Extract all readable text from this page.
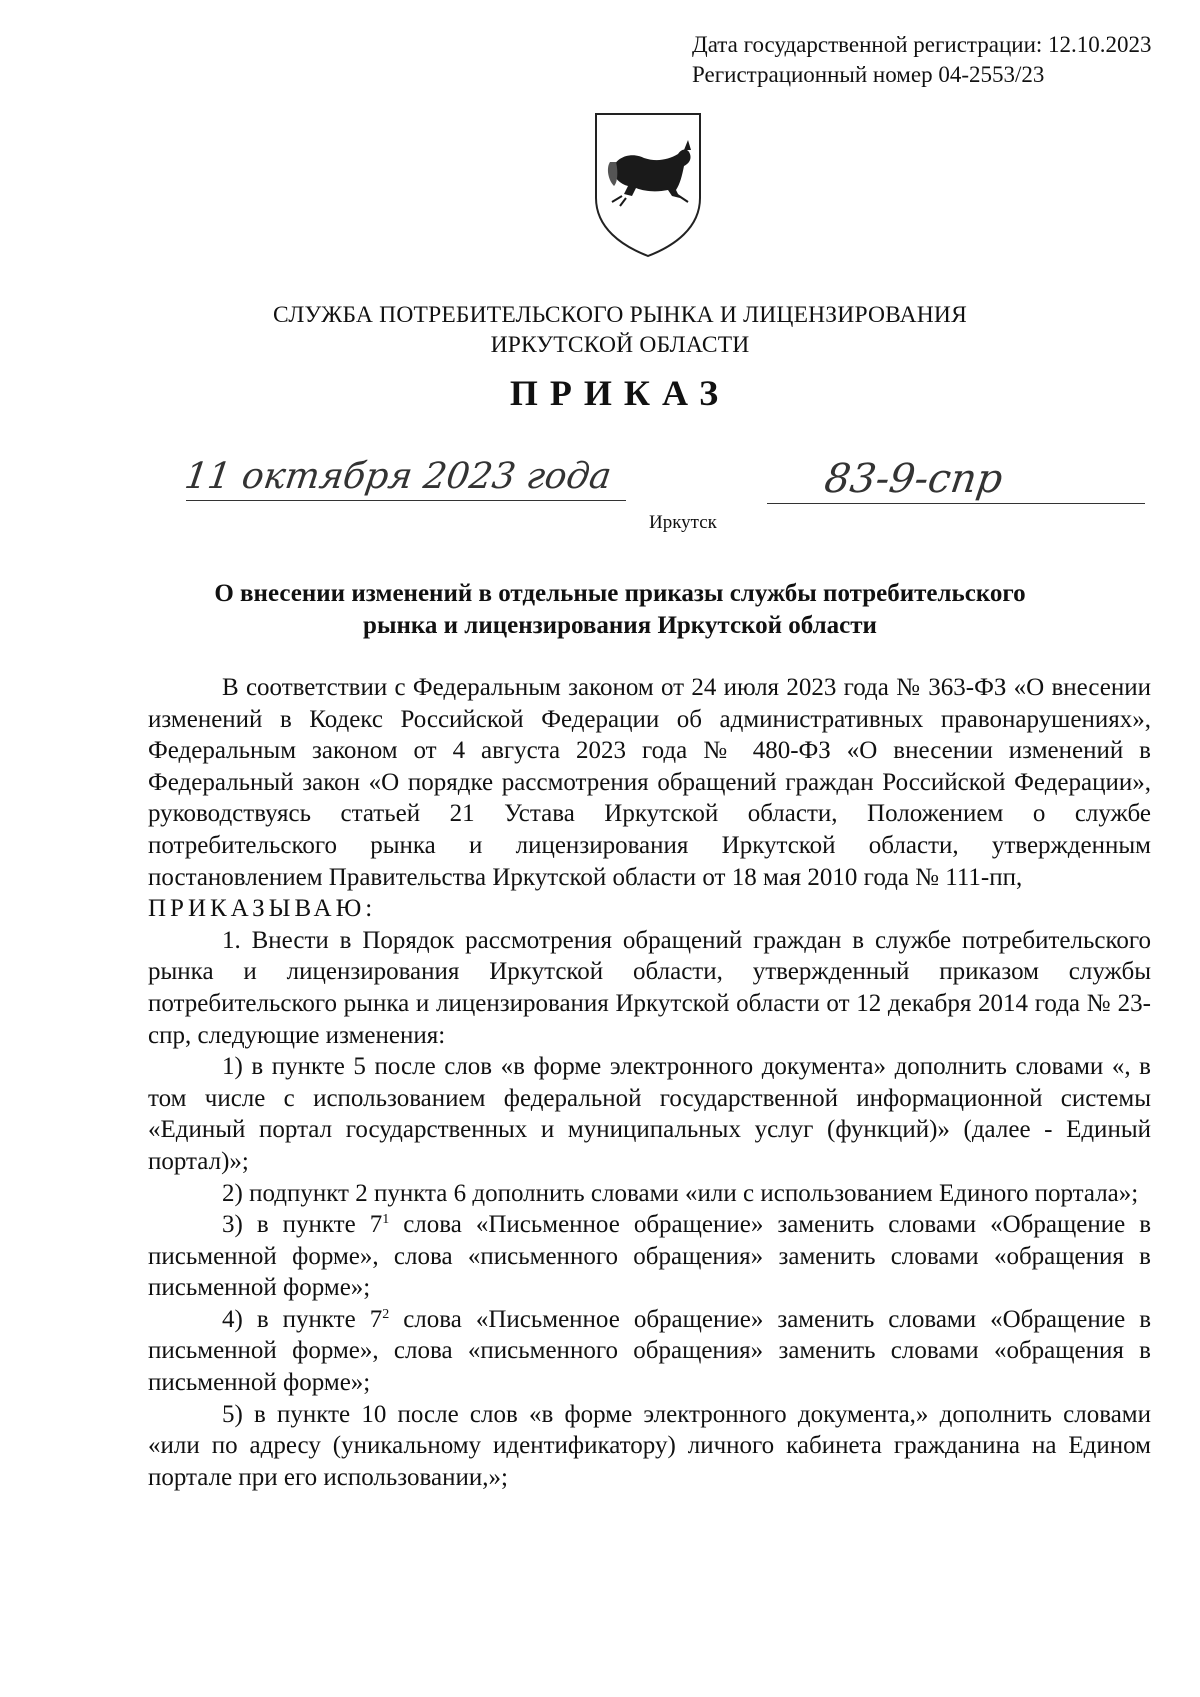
Дата государственной регистрации: 12.10.2023
Регистрационный номер 04-2553/23
СЛУЖБА ПОТРЕБИТЕЛЬСКОГО РЫНКА И ЛИЦЕНЗИРОВАНИЯ
ИРКУТСКОЙ ОБЛАСТИ
ПРИКАЗ
11 октября 2023 года
Иркутск
83-9-спр
О внесении изменений в отдельные приказы службы потребительского
рынка и лицензирования Иркутской области

В соответствии с Федеральным законом от 24 июля 2023 года № 363-ФЗ «О внесении изменений в Кодекс Российской Федерации об административных правонарушениях», Федеральным законом от 4 августа 2023 года № 480-ФЗ «О внесении изменений в Федеральный закон «О порядке рассмотрения обращений граждан Российской Федерации», руководствуясь статьей 21 Устава Иркутской области, Положением о службе потребительского рынка и лицензирования Иркутской области, утвержденным постановлением Правительства Иркутской области от 18 мая 2010 года № 111-пп,

ПРИКАЗЫВАЮ:

1. Внести в Порядок рассмотрения обращений граждан в службе потребительского рынка и лицензирования Иркутской области, утвержденный приказом службы потребительского рынка и лицензирования Иркутской области от 12 декабря 2014 года № 23-спр, следующие изменения:

1) в пункте 5 после слов «в форме электронного документа» дополнить словами «, в том числе с использованием федеральной государственной информационной системы «Единый портал государственных и муниципальных услуг (функций)» (далее - Единый портал)»;

2) подпункт 2 пункта 6 дополнить словами «или с использованием Единого портала»;

3) в пункте $7^1$ слова «Письменное обращение» заменить словами «Обращение в письменной форме», слова «письменного обращения» заменить словами «обращения в письменной форме»;

4) в пункте $7^2$ слова «Письменное обращение» заменить словами «Обращение в письменной форме», слова «письменного обращения» заменить словами «обращения в письменной форме»;

5) в пункте 10 после слов «в форме электронного документа,» дополнить словами «или по адресу (уникальному идентификатору) личного кабинета гражданина на Едином портале при его использовании,»;
